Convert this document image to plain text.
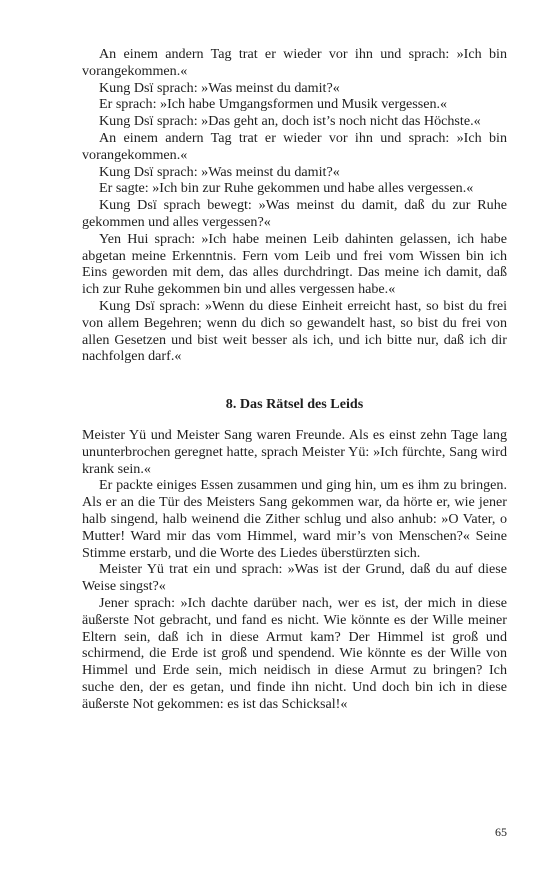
An einem andern Tag trat er wieder vor ihn und sprach: »Ich bin vorangekommen.«

Kung Dsï sprach: »Was meinst du damit?«

Er sprach: »Ich habe Umgangsformen und Musik vergessen.«

Kung Dsï sprach: »Das geht an, doch ist’s noch nicht das Höchste.«

An einem andern Tag trat er wieder vor ihn und sprach: »Ich bin vorangekommen.«

Kung Dsï sprach: »Was meinst du damit?«

Er sagte: »Ich bin zur Ruhe gekommen und habe alles vergessen.«

Kung Dsï sprach bewegt: »Was meinst du damit, daß du zur Ruhe gekommen und alles vergessen?«

Yen Hui sprach: »Ich habe meinen Leib dahinten gelassen, ich habe abgetan meine Erkenntnis. Fern vom Leib und frei vom Wissen bin ich Eins geworden mit dem, das alles durchdringt. Das meine ich damit, daß ich zur Ruhe gekommen bin und alles vergessen habe.«

Kung Dsï sprach: »Wenn du diese Einheit erreicht hast, so bist du frei von allem Begehren; wenn du dich so gewandelt hast, so bist du frei von allen Gesetzen und bist weit besser als ich, und ich bitte nur, daß ich dir nachfolgen darf.«

8. Das Rätsel des Leids

Meister Yü und Meister Sang waren Freunde. Als es einst zehn Tage lang ununterbrochen geregnet hatte, sprach Meister Yü: »Ich fürchte, Sang wird krank sein.«

Er packte einiges Essen zusammen und ging hin, um es ihm zu bringen. Als er an die Tür des Meisters Sang gekommen war, da hörte er, wie jener halb singend, halb weinend die Zither schlug und also anhub: »O Vater, o Mutter! Ward mir das vom Himmel, ward mir’s von Menschen?« Seine Stimme erstarb, und die Worte des Liedes überstürzten sich.

Meister Yü trat ein und sprach: »Was ist der Grund, daß du auf diese Weise singst?«

Jener sprach: »Ich dachte darüber nach, wer es ist, der mich in diese äußerste Not gebracht, und fand es nicht. Wie könnte es der Wille meiner Eltern sein, daß ich in diese Armut kam? Der Himmel ist groß und schirmend, die Erde ist groß und spendend. Wie könnte es der Wille von Himmel und Erde sein, mich neidisch in diese Armut zu bringen? Ich suche den, der es getan, und finde ihn nicht. Und doch bin ich in diese äußerste Not gekommen: es ist das Schicksal!«

65
